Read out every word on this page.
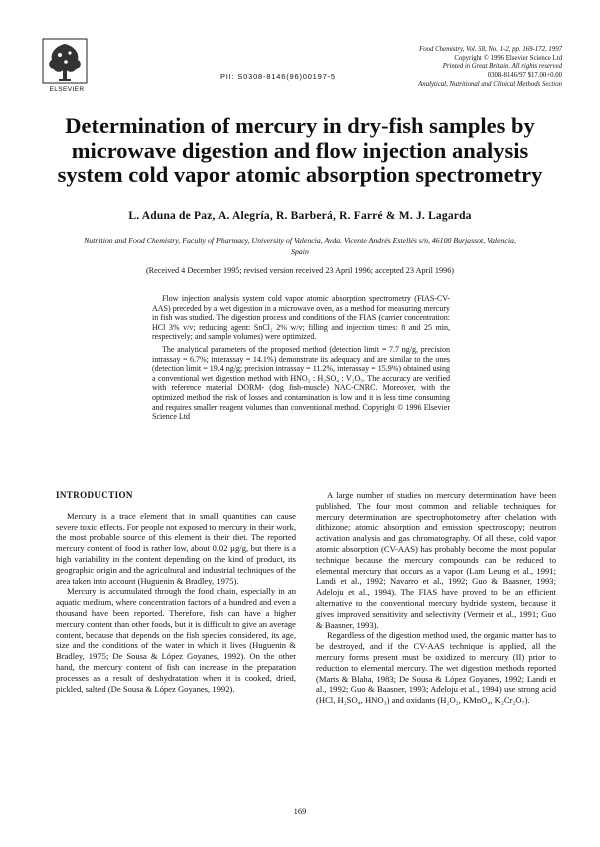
ELSEVIER
PII: S0308-8146(96)00197-5
Food Chemistry, Vol. 58, No. 1-2, pp. 169-172, 1997
Copyright © 1996 Elsevier Science Ltd
Printed in Great Britain. All rights reserved
0308-8146/97 $17.00+0.00
Analytical, Nutritional and Clinical Methods Section
Determination of mercury in dry-fish samples by
microwave digestion and flow injection analysis
system cold vapor atomic absorption spectrometry
L. Aduna de Paz, A. Alegría, R. Barberá, R. Farré & M. J. Lagarda
Nutrition and Food Chemistry, Faculty of Pharmacy, University of Valencia, Avda. Vicente Andrés Estellés s/n, 46100 Burjassot, Valencia,
Spain
(Received 4 December 1995; revised version received 23 April 1996; accepted 23 April 1996)

Flow injection analysis system cold vapor atomic absorption spectrometry (FIAS-CV-AAS) preceded by a wet digestion in a microwave oven, as a method for measuring mercury in fish was studied. The digestion process and conditions of the FIAS (carrier concentration: HCl 3% v/v; reducing agent: SnCl₂ 2% w/v; filling and injection times: 8 and 25 min, respectively; and sample volumes) were optimized.

The analytical parameters of the proposed method (detection limit = 7.7 ng/g, precision intrassay = 6.7%; interassay = 14.1%) demonstrate its adequacy and are similar to the ones (detection limit = 19.4 ng/g; precision intrassay = 11.2%, interassay = 15.9%) obtained using a conventional wet digestion method with HNO₃ : H₂SO₄ : V₂O₅. The accuracy are verified with reference material DORM- (dog fish-muscle) NAC-CNRC. Moreover, with the optimized method the risk of losses and contamination is low and it is less time consuming and requires smaller reagent volumes than conventional method. Copyright © 1996 Elsevier Science Ltd

INTRODUCTION

Mercury is a trace element that in small quantities can cause severe toxic effects. For people not exposed to mercury in their work, the most probable source of this element is their diet. The reported mercury content of food is rather low, about 0.02 µg/g, but there is a high variability in the content depending on the kind of product, its geographic origin and the agricultural and industrial techniques of the area taken into account (Huguenin & Bradley, 1975).

Mercury is accumulated through the food chain, especially in an aquatic medium, where concentration factors of a hundred and even a thousand have been reported. Therefore, fish can have a higher mercury content than other foods, but it is difficult to give an average content, because that depends on the fish species considered, its age, size and the conditions of the water in which it lives (Huguenin & Bradley, 1975; De Sousa & López Goyanes, 1992). On the other hand, the mercury content of fish can increase in the preparation processes as a result of deshydratation when it is cooked, dried, pickled, salted (De Sousa & López Goyanes, 1992).

A large number of studies on mercury determination have been published. The four most common and reliable techniques for mercury determination are spectrophotometry after chelation with dithizone; atomic absorption and emission spectroscopy; neutron activation analysis and gas chromatography. Of all these, cold vapor atomic absorption (CV-AAS) has probably become the most popular technique because the mercury compounds can be reduced to elemental mercury that occurs as a vapor (Lam Leung et al., 1991; Landi et al., 1992; Navarro et al., 1992; Guo & Baasner, 1993; Adeloju et al., 1994). The FIAS have proved to be an efficient alternative to the conventional mercury hydride system, because it gives improved sensitivity and selectivity (Vermeir et al., 1991; Guo & Baasner, 1993).

Regardless of the digestion method used, the organic matter has to be destroyed, and if the CV-AAS technique is applied, all the mercury forms present must be oxidized to mercury (II) prior to reduction to elemental mercury. The wet digestion methods reported (Marts & Blaha, 1983; De Sousa & López Goyanes, 1992; Landi et al., 1992; Guo & Baasner, 1993; Adeloju et al., 1994) use strong acid (HCl, H₂SO₄, HNO₃) and oxidants (H₂O₂, KMnO₄, K₂Cr₂O₇).

169
